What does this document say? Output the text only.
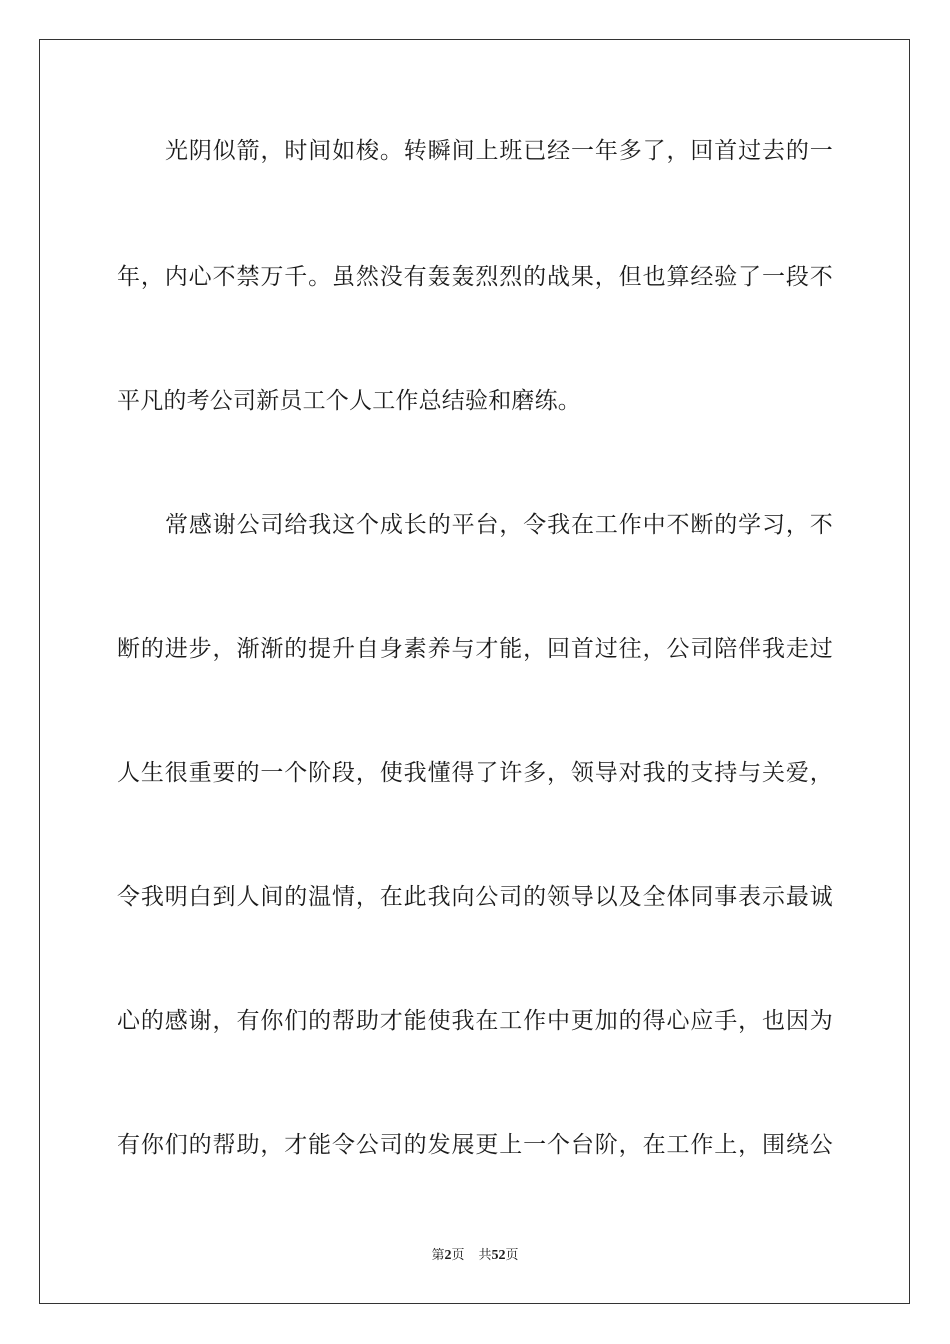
光阴似箭，时间如梭。转瞬间上班已经一年多了，回首过去的一
年，内心不禁万千。虽然没有轰轰烈烈的战果，但也算经验了一段不
平凡的考公司新员工个人工作总结验和磨练。
常感谢公司给我这个成长的平台，令我在工作中不断的学习，不
断的进步，渐渐的提升自身素养与才能，回首过往，公司陪伴我走过
人生很重要的一个阶段，使我懂得了许多，领导对我的支持与关爱，
令我明白到人间的温情，在此我向公司的领导以及全体同事表示最诚
心的感谢，有你们的帮助才能使我在工作中更加的得心应手，也因为
有你们的帮助，才能令公司的发展更上一个台阶，在工作上，围绕公
第2页 共52页
